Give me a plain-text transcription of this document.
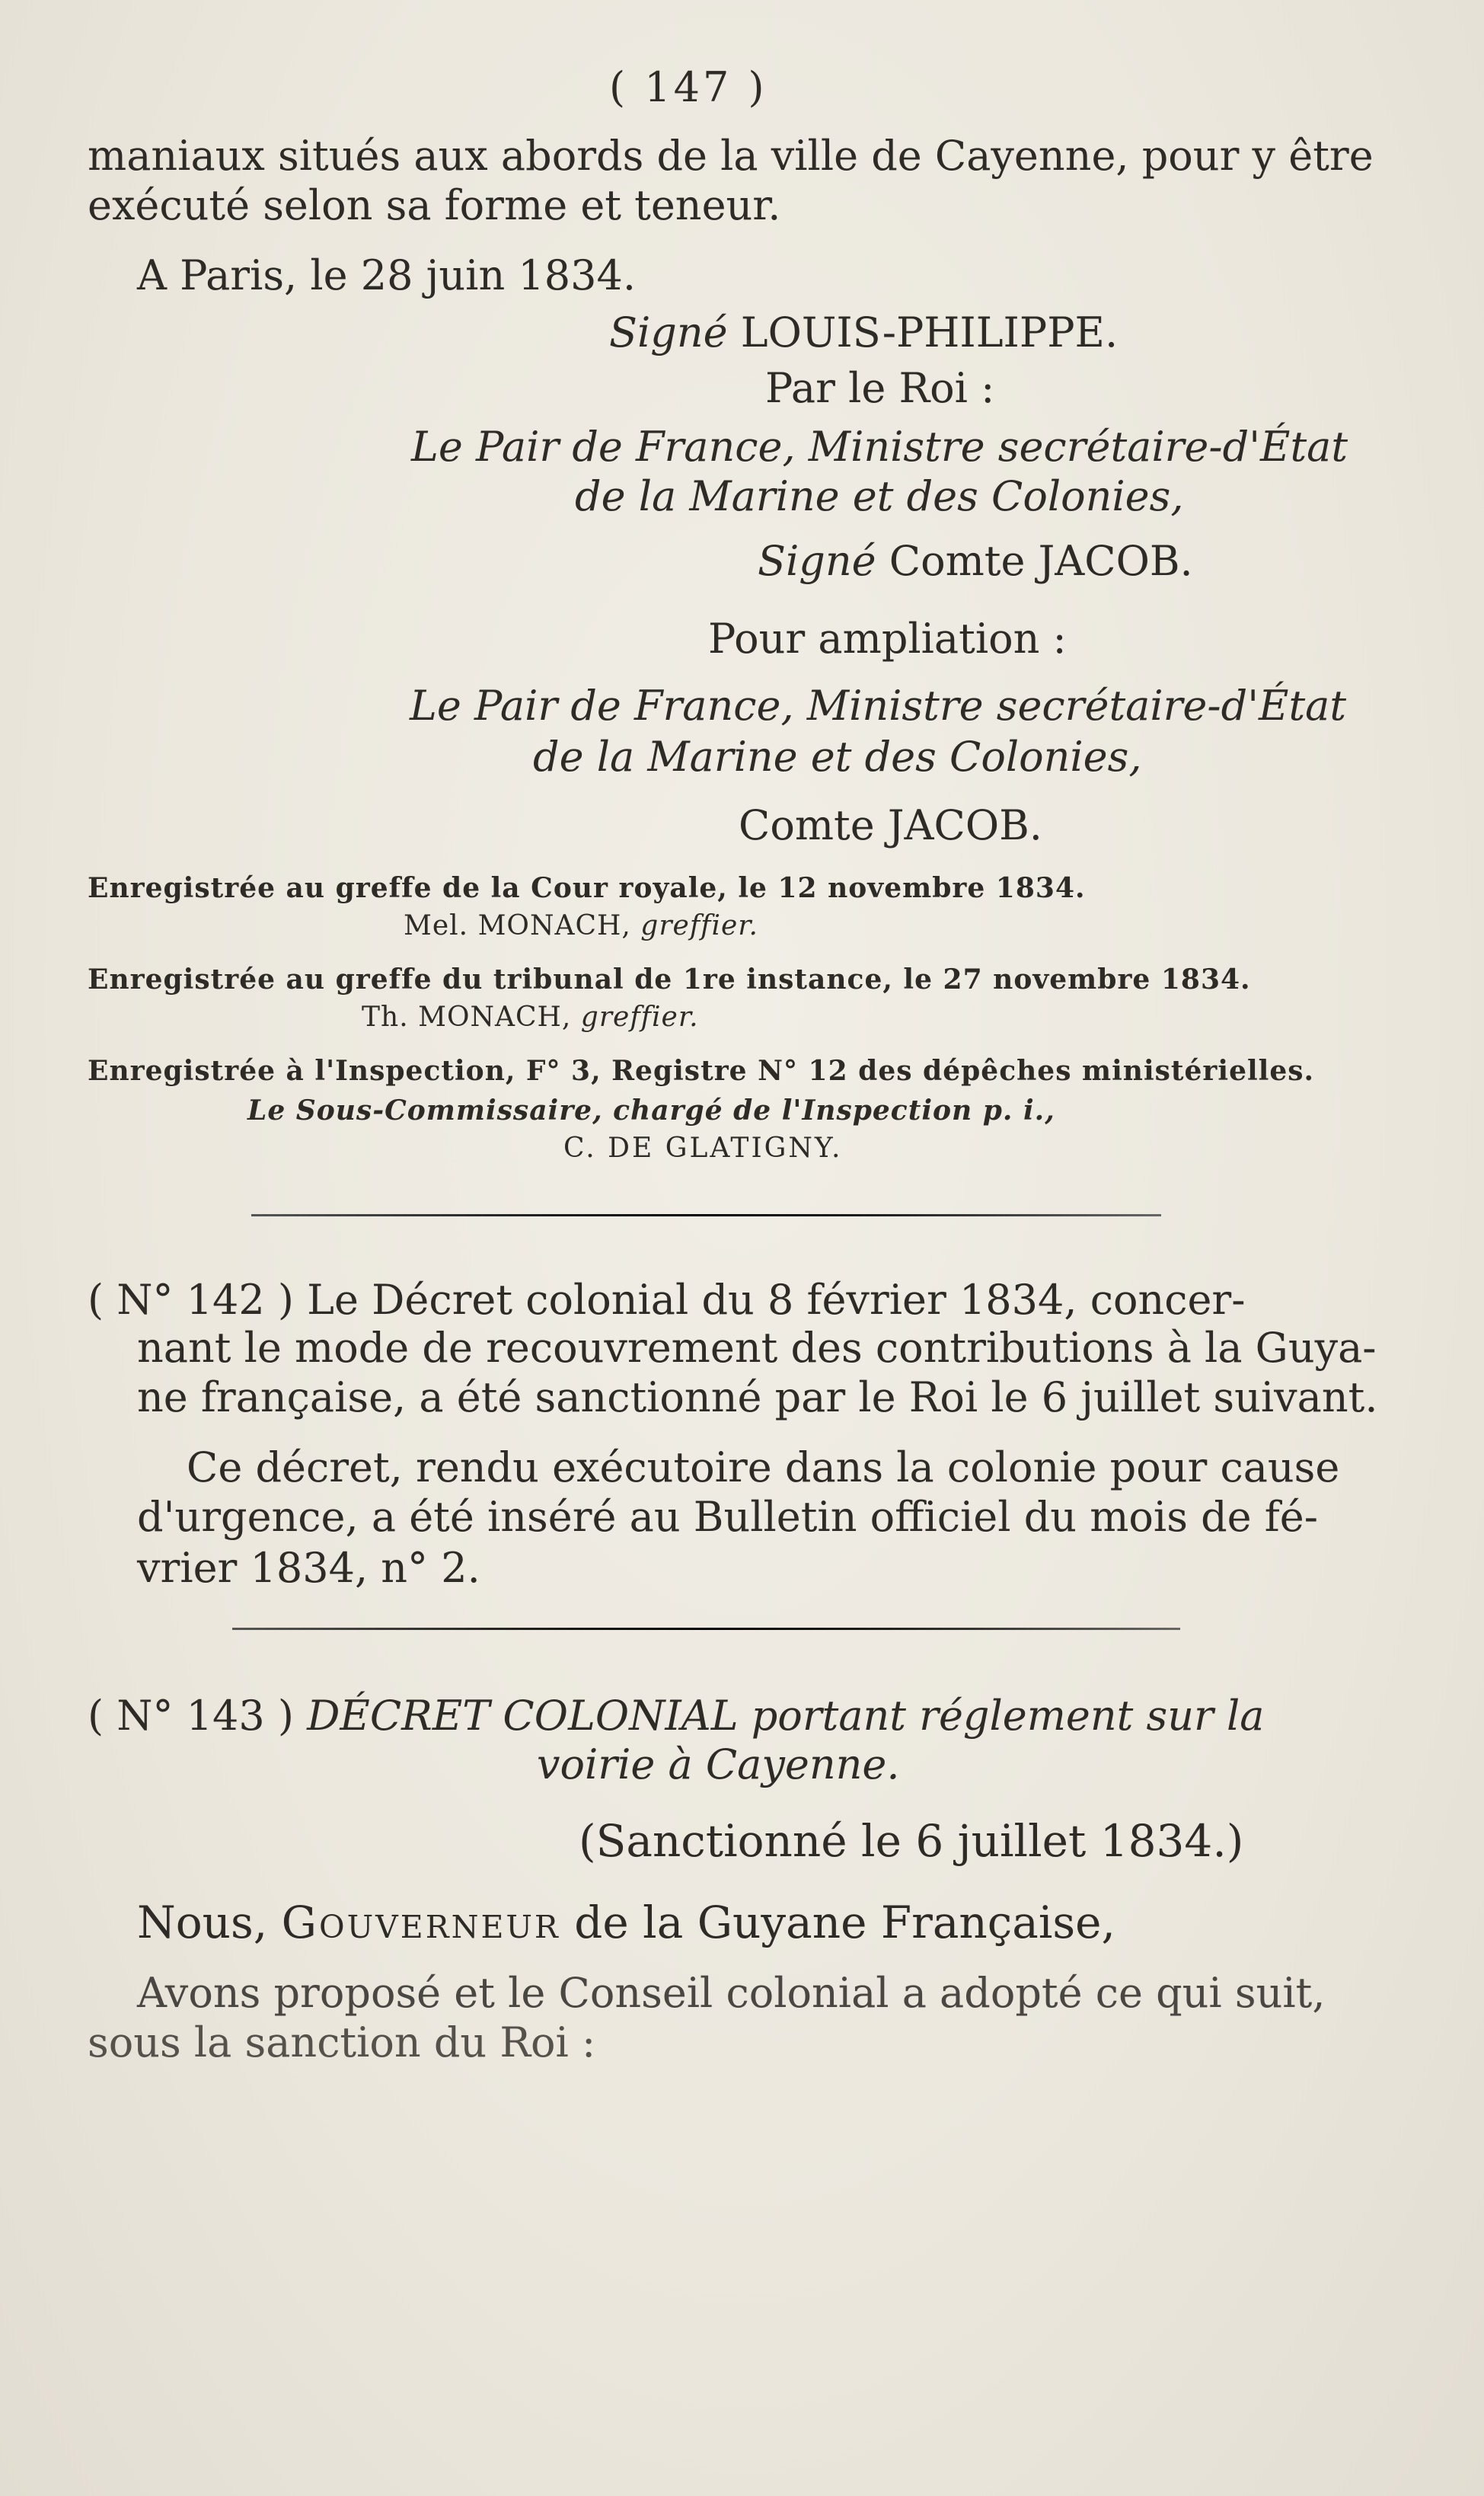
( 147 )
maniaux situés aux abords de la ville de Cayenne, pour y être
exécuté selon sa forme et teneur.
A Paris, le 28 juin 1834.
Signé LOUIS-PHILIPPE.
Par le Roi :
Le Pair de France, Ministre secrétaire-d'État
de la Marine et des Colonies,
Signé Comte JACOB.
Pour ampliation :
Le Pair de France, Ministre secrétaire-d'État
de la Marine et des Colonies,
Comte JACOB.
Enregistrée au greffe de la Cour royale, le 12 novembre 1834.
Mel. MONACH, greffier.
Enregistrée au greffe du tribunal de 1re instance, le 27 novembre 1834.
Th. MONACH, greffier.
Enregistrée à l'Inspection, F° 3, Registre N° 12 des dépêches ministérielles.
Le Sous-Commissaire, chargé de l'Inspection p. i.,
C. DE GLATIGNY.
( N° 142 ) Le Décret colonial du 8 février 1834, concer-
nant le mode de recouvrement des contributions à la Guya-
ne française, a été sanctionné par le Roi le 6 juillet suivant.
Ce décret, rendu exécutoire dans la colonie pour cause
d'urgence, a été inséré au Bulletin officiel du mois de fé-
vrier 1834, n° 2.
( N° 143 ) DÉCRET COLONIAL portant réglement sur la
voirie à Cayenne.
(Sanctionné le 6 juillet 1834.)
Nous, Gouverneur de la Guyane Française,
Avons proposé et le Conseil colonial a adopté ce qui suit,
sous la sanction du Roi :
